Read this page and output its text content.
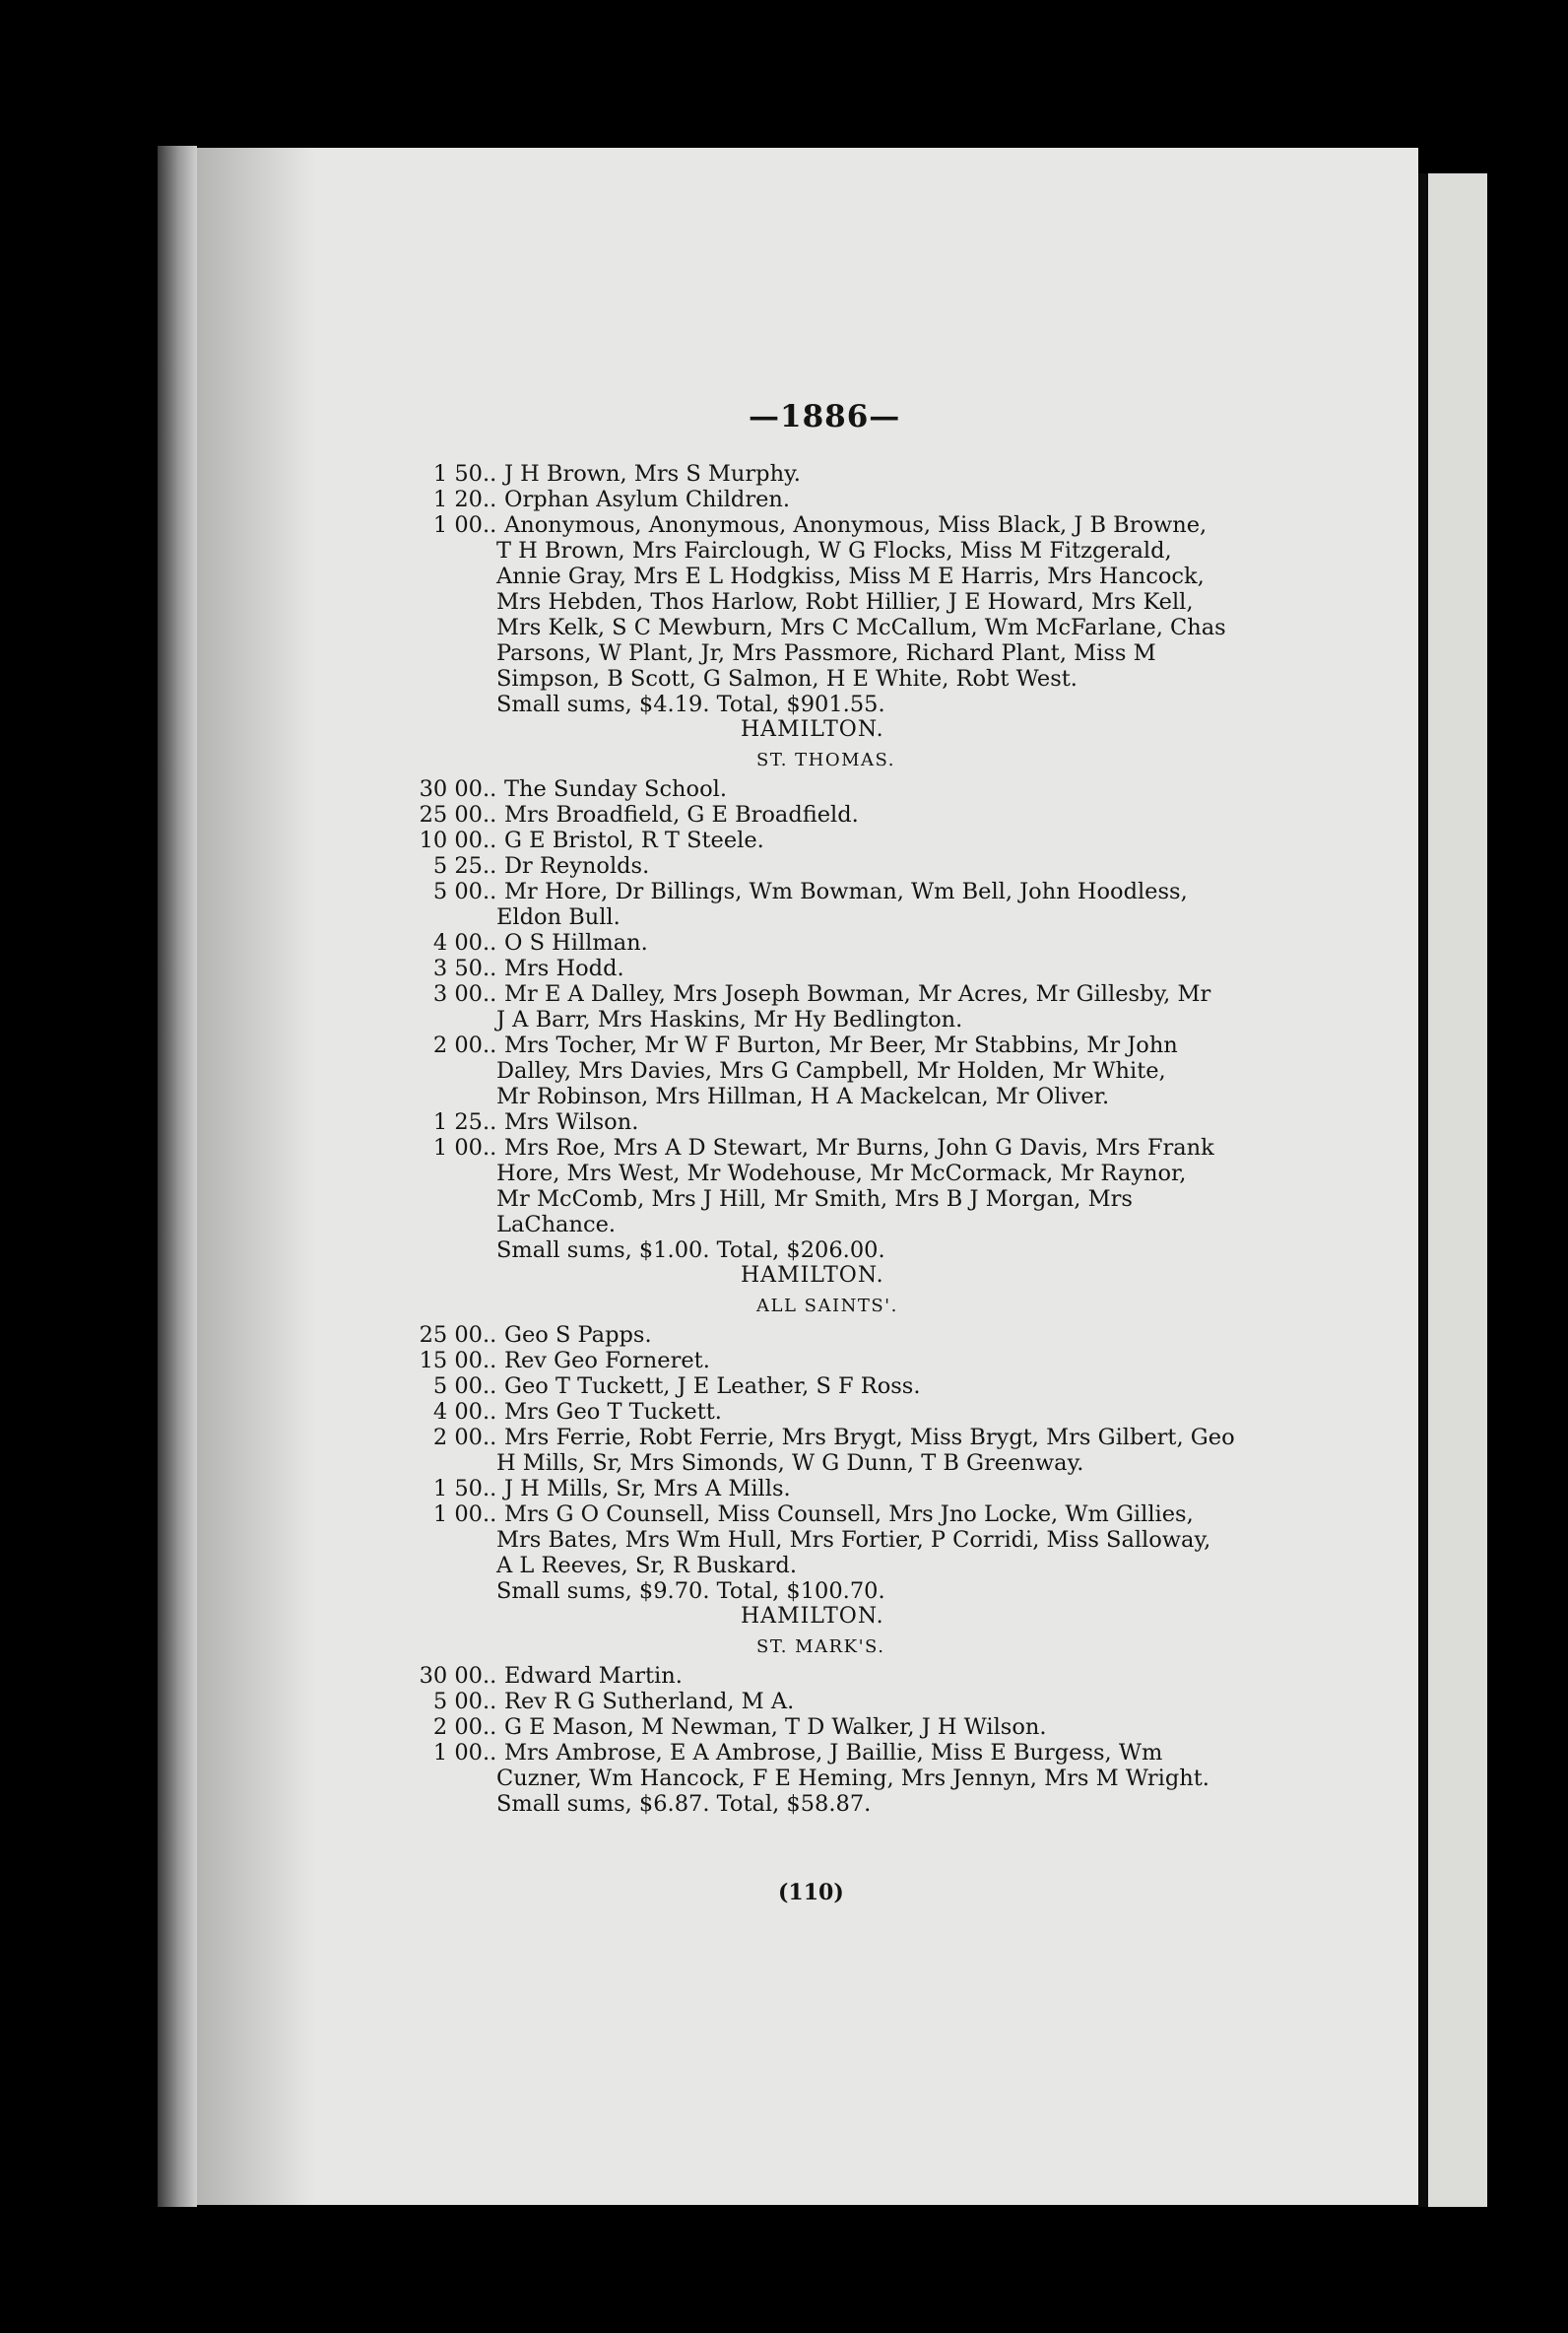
—1886—
1 50 .. J H Brown, Mrs S Murphy.
1 20 .. Orphan Asylum Children.
1 00 .. Anonymous, Anonymous, Anonymous, Miss Black, J B Browne,
T H Brown, Mrs Fairclough, W G Flocks, Miss M Fitzgerald,
Annie Gray, Mrs E L Hodgkiss, Miss M E Harris, Mrs Hancock,
Mrs Hebden, Thos Harlow, Robt Hillier, J E Howard, Mrs Kell,
Mrs Kelk, S C Mewburn, Mrs C McCallum, Wm McFarlane, Chas
Parsons, W Plant, Jr, Mrs Passmore, Richard Plant, Miss M
Simpson, B Scott, G Salmon, H E White, Robt West.
Small sums, $4.19. Total, $901.55.
HAMILTON.
ST. THOMAS.
30 00 .. The Sunday School.
25 00 .. Mrs Broadfield, G E Broadfield.
10 00 .. G E Bristol, R T Steele.
5 25 .. Dr Reynolds.
5 00 .. Mr Hore, Dr Billings, Wm Bowman, Wm Bell, John Hoodless,
Eldon Bull.
4 00 .. O S Hillman.
3 50 .. Mrs Hodd.
3 00 .. Mr E A Dalley, Mrs Joseph Bowman, Mr Acres, Mr Gillesby, Mr
J A Barr, Mrs Haskins, Mr Hy Bedlington.
2 00 .. Mrs Tocher, Mr W F Burton, Mr Beer, Mr Stabbins, Mr John
Dalley, Mrs Davies, Mrs G Campbell, Mr Holden, Mr White,
Mr Robinson, Mrs Hillman, H A Mackelcan, Mr Oliver.
1 25 .. Mrs Wilson.
1 00 .. Mrs Roe, Mrs A D Stewart, Mr Burns, John G Davis, Mrs Frank
Hore, Mrs West, Mr Wodehouse, Mr McCormack, Mr Raynor,
Mr McComb, Mrs J Hill, Mr Smith, Mrs B J Morgan, Mrs
LaChance.
Small sums, $1.00. Total, $206.00.
HAMILTON.
ALL SAINTS'.
25 00 .. Geo S Papps.
15 00 .. Rev Geo Forneret.
5 00 .. Geo T Tuckett, J E Leather, S F Ross.
4 00 .. Mrs Geo T Tuckett.
2 00 .. Mrs Ferrie, Robt Ferrie, Mrs Brygt, Miss Brygt, Mrs Gilbert, Geo
H Mills, Sr, Mrs Simonds, W G Dunn, T B Greenway.
1 50 .. J H Mills, Sr, Mrs A Mills.
1 00 .. Mrs G O Counsell, Miss Counsell, Mrs Jno Locke, Wm Gillies,
Mrs Bates, Mrs Wm Hull, Mrs Fortier, P Corridi, Miss Salloway,
A L Reeves, Sr, R Buskard.
Small sums, $9.70. Total, $100.70.
HAMILTON.
ST. MARK'S.
30 00 .. Edward Martin.
5 00 .. Rev R G Sutherland, M A.
2 00 .. G E Mason, M Newman, T D Walker, J H Wilson.
1 00 .. Mrs Ambrose, E A Ambrose, J Baillie, Miss E Burgess, Wm
Cuzner, Wm Hancock, F E Heming, Mrs Jennyn, Mrs M Wright.
Small sums, $6.87. Total, $58.87.
(110)
